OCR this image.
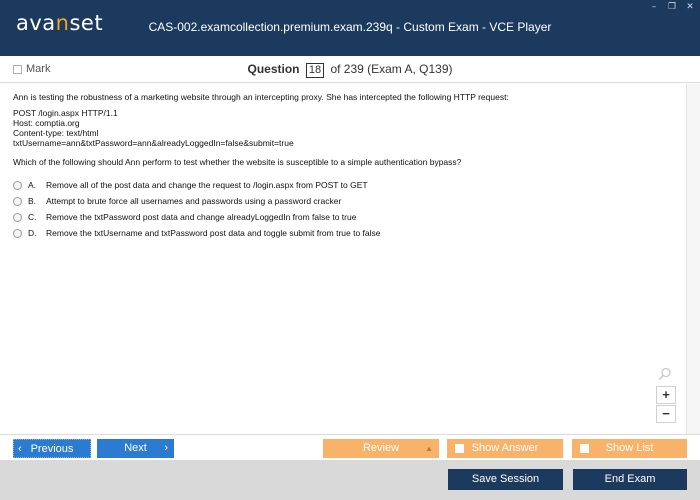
avanset	CAS-002.examcollection.premium.exam.239q - Custom Exam - VCE Player
–	❐ ✕
Mark	Question 18 of 239 (Exam A, Q139)

Ann is testing the robustness of a marketing website through an intercepting proxy. She has intercepted the following HTTP request:

POST /login.aspx HTTP/1.1
Host: comptia.org
Content-type: text/html
txtUsername=ann&txtPassword=ann&alreadyLoggedIn=false&submit=true

Which of the following should Ann perform to test whether the website is susceptible to a simple authentication bypass?

A.	Remove all of the post data and change the request to /login.aspx from POST to GET
B.	Attempt to brute force all usernames and passwords using a password cracker
C.	Remove the txtPassword post data and change alreadyLoggedIn from false to true
D.	Remove the txtUsername and txtPassword post data and toggle submit from true to false
+
−
‹ Previous	Next ›	Review	▲	Show Answer	Show List
Save Session	End Exam
